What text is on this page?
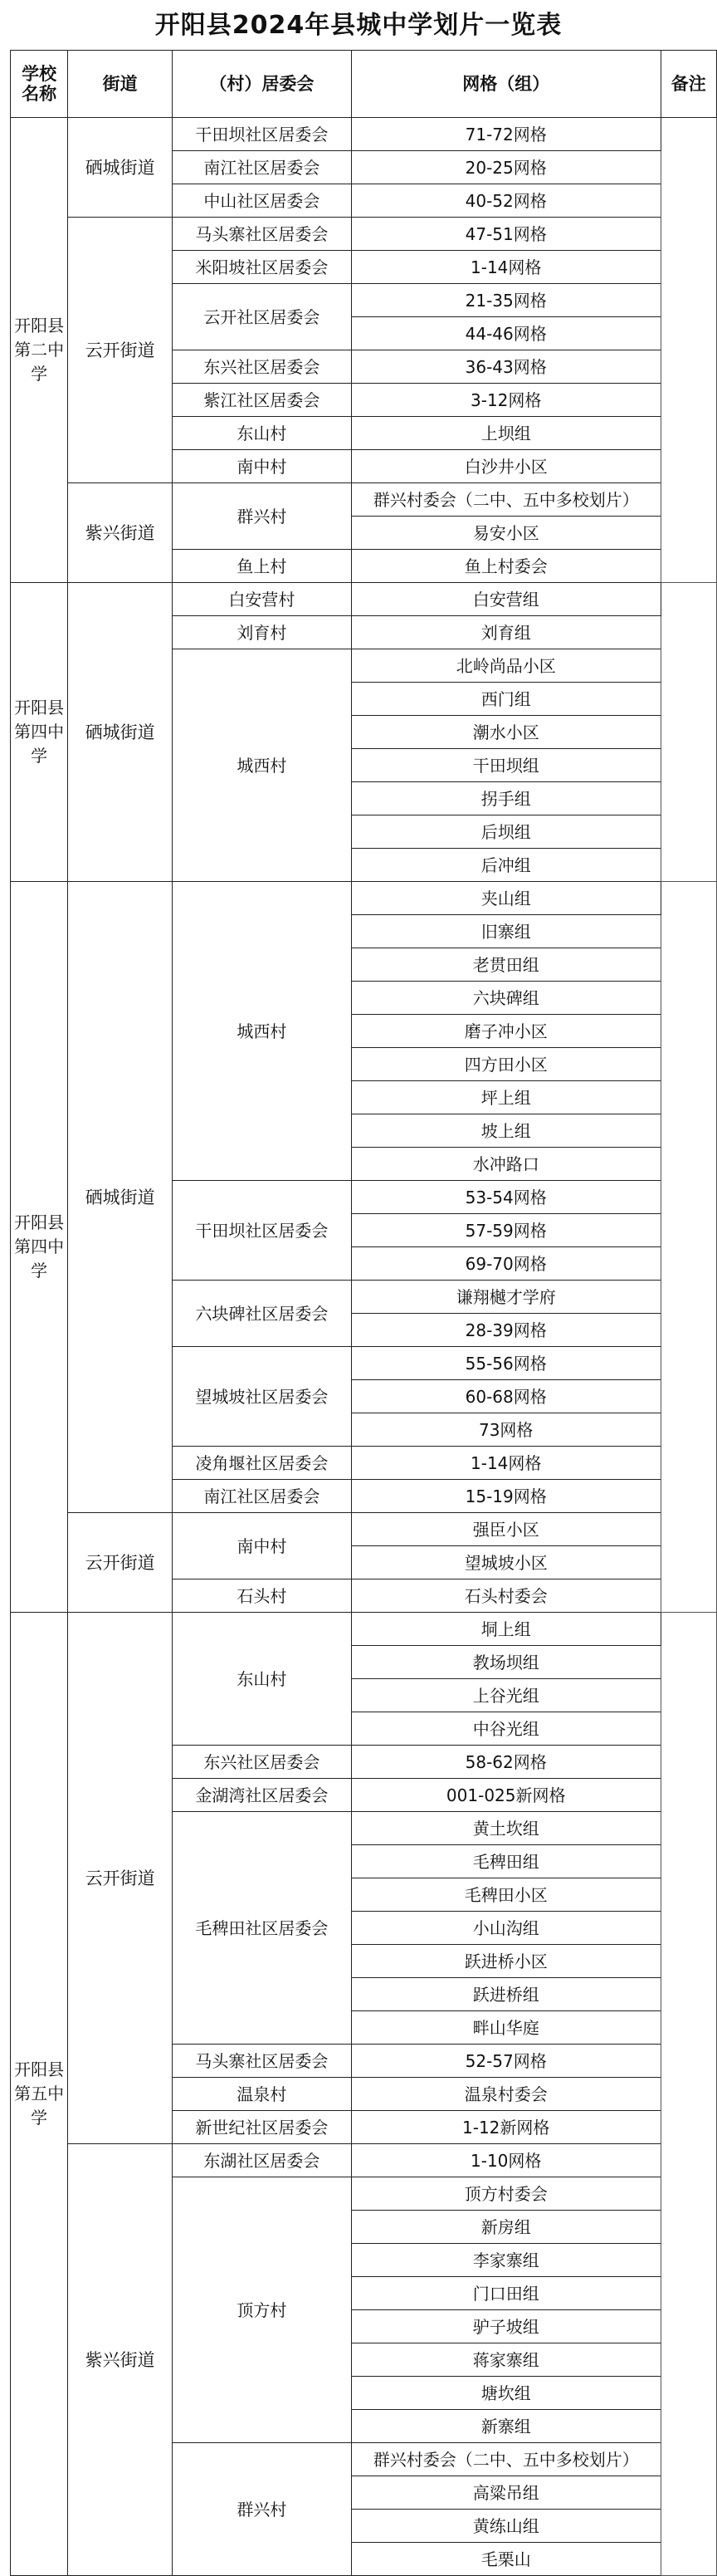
开阳县2024年县城中学划片一览表
学校
名称	街道	（村）居委会	网格（组）	备注
开阳县
第二中
学	硒城街道	干田坝社区居委会	71-72网格	
		南江社区居委会	20-25网格	
		中山社区居委会	40-52网格	
	云开街道	马头寨社区居委会	47-51网格	
		米阳坡社区居委会	1-14网格	
		云开社区居委会	21-35网格	
			44-46网格	
		东兴社区居委会	36-43网格	
		紫江社区居委会	3-12网格	
		东山村	上坝组	
		南中村	白沙井小区	
	紫兴街道	群兴村	群兴村委会（二中、五中多校划片）	
			易安小区	
		鱼上村	鱼上村委会	
开阳县
第四中
学	硒城街道	白安营村	白安营组	
		刘育村	刘育组	
		城西村	北岭尚品小区	
			西门组	
			潮水小区	
			干田坝组	
			拐手组	
			后坝组	
			后冲组	
开阳县
第四中
学	硒城街道	城西村	夹山组	
			旧寨组	
			老贯田组	
			六块碑组	
			磨子冲小区	
			四方田小区	
			坪上组	
			坡上组	
			水冲路口	
		干田坝社区居委会	53-54网格	
			57-59网格	
			69-70网格	
		六块碑社区居委会	谦翔樾才学府	
			28-39网格	
		望城坡社区居委会	55-56网格	
			60-68网格	
			73网格	
		凌角堰社区居委会	1-14网格	
		南江社区居委会	15-19网格	
	云开街道	南中村	强臣小区	
			望城坡小区	
		石头村	石头村委会	
开阳县
第五中
学	云开街道	东山村	垌上组	
			教场坝组	
			上谷光组	
			中谷光组	
		东兴社区居委会	58-62网格	
		金湖湾社区居委会	001-025新网格	
		毛稗田社区居委会	黄土坎组	
			毛稗田组	
			毛稗田小区	
			小山沟组	
			跃进桥小区	
			跃进桥组	
			畔山华庭	
		马头寨社区居委会	52-57网格	
		温泉村	温泉村委会	
		新世纪社区居委会	1-12新网格	
	紫兴街道	东湖社区居委会	1-10网格	
		顶方村	顶方村委会	
			新房组	
			李家寨组	
			门口田组	
			驴子坡组	
			蒋家寨组	
			塘坎组	
			新寨组	
		群兴村	群兴村委会（二中、五中多校划片）	
			高粱吊组	
			黄练山组	
			毛栗山	
